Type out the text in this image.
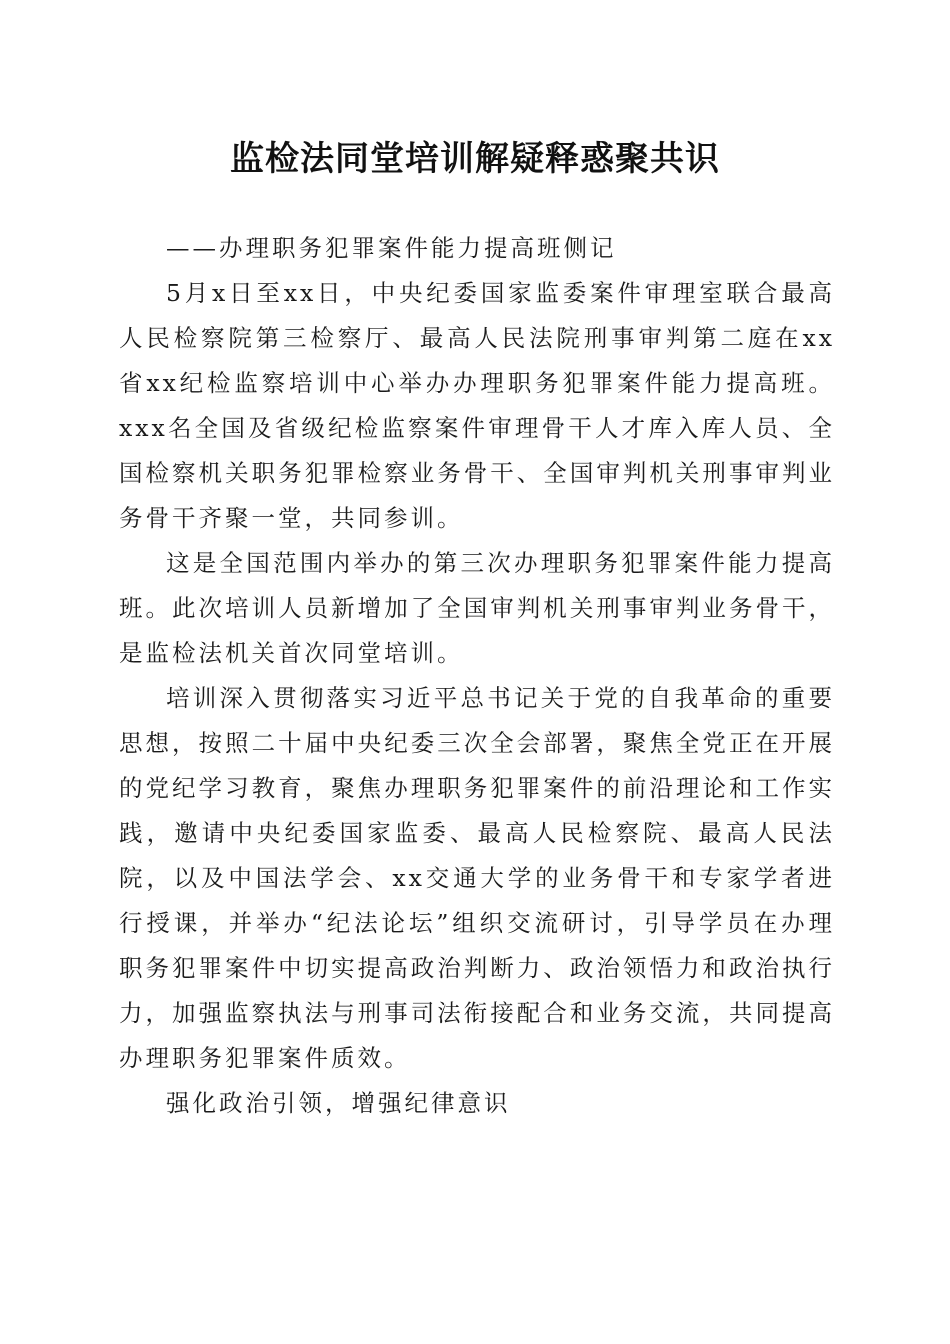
监检法同堂培训解疑释惑聚共识

——办理职务犯罪案件能力提高班侧记

5月x日至xx日，中央纪委国家监委案件审理室联合最高人民检察院第三检察厅、最高人民法院刑事审判第二庭在xx省xx纪检监察培训中心举办办理职务犯罪案件能力提高班。xxx名全国及省级纪检监察案件审理骨干人才库入库人员、全国检察机关职务犯罪检察业务骨干、全国审判机关刑事审判业务骨干齐聚一堂，共同参训。

这是全国范围内举办的第三次办理职务犯罪案件能力提高班。此次培训人员新增加了全国审判机关刑事审判业务骨干，是监检法机关首次同堂培训。

培训深入贯彻落实习近平总书记关于党的自我革命的重要思想，按照二十届中央纪委三次全会部署，聚焦全党正在开展的党纪学习教育，聚焦办理职务犯罪案件的前沿理论和工作实践，邀请中央纪委国家监委、最高人民检察院、最高人民法院，以及中国法学会、xx交通大学的业务骨干和专家学者进行授课，并举办“纪法论坛”组织交流研讨，引导学员在办理职务犯罪案件中切实提高政治判断力、政治领悟力和政治执行力，加强监察执法与刑事司法衔接配合和业务交流，共同提高办理职务犯罪案件质效。

强化政治引领，增强纪律意识
